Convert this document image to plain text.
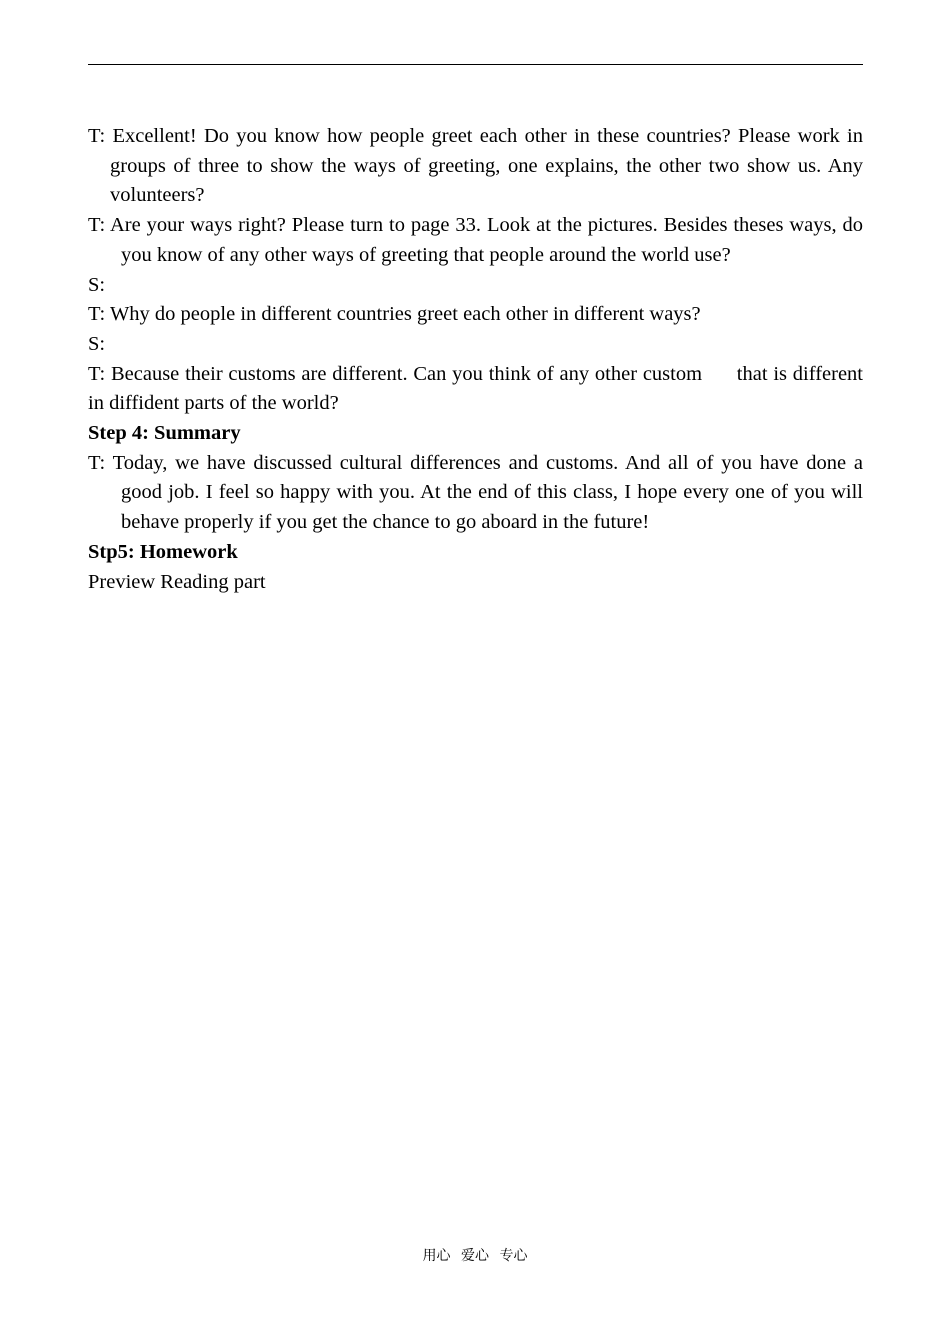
T: Excellent! Do you know how people greet each other in these countries? Please work in groups of three to show the ways of greeting, one explains, the other two show us. Any volunteers?

T: Are your ways right? Please turn to page 33. Look at the pictures. Besides theses ways, do you know of any other ways of greeting that people around the world use?

S:

T: Why do people in different countries greet each other in different ways?

S:

T: Because their customs are different. Can you think of any other custom      that is different in diffident parts of the world?

Step 4: Summary

T: Today, we have discussed cultural differences and customs. And all of you have done a good job. I feel so happy with you. At the end of this class, I hope every one of you will behave properly if you get the chance to go aboard in the future!

Stp5: Homework

Preview Reading part

用心 爱心 专心
